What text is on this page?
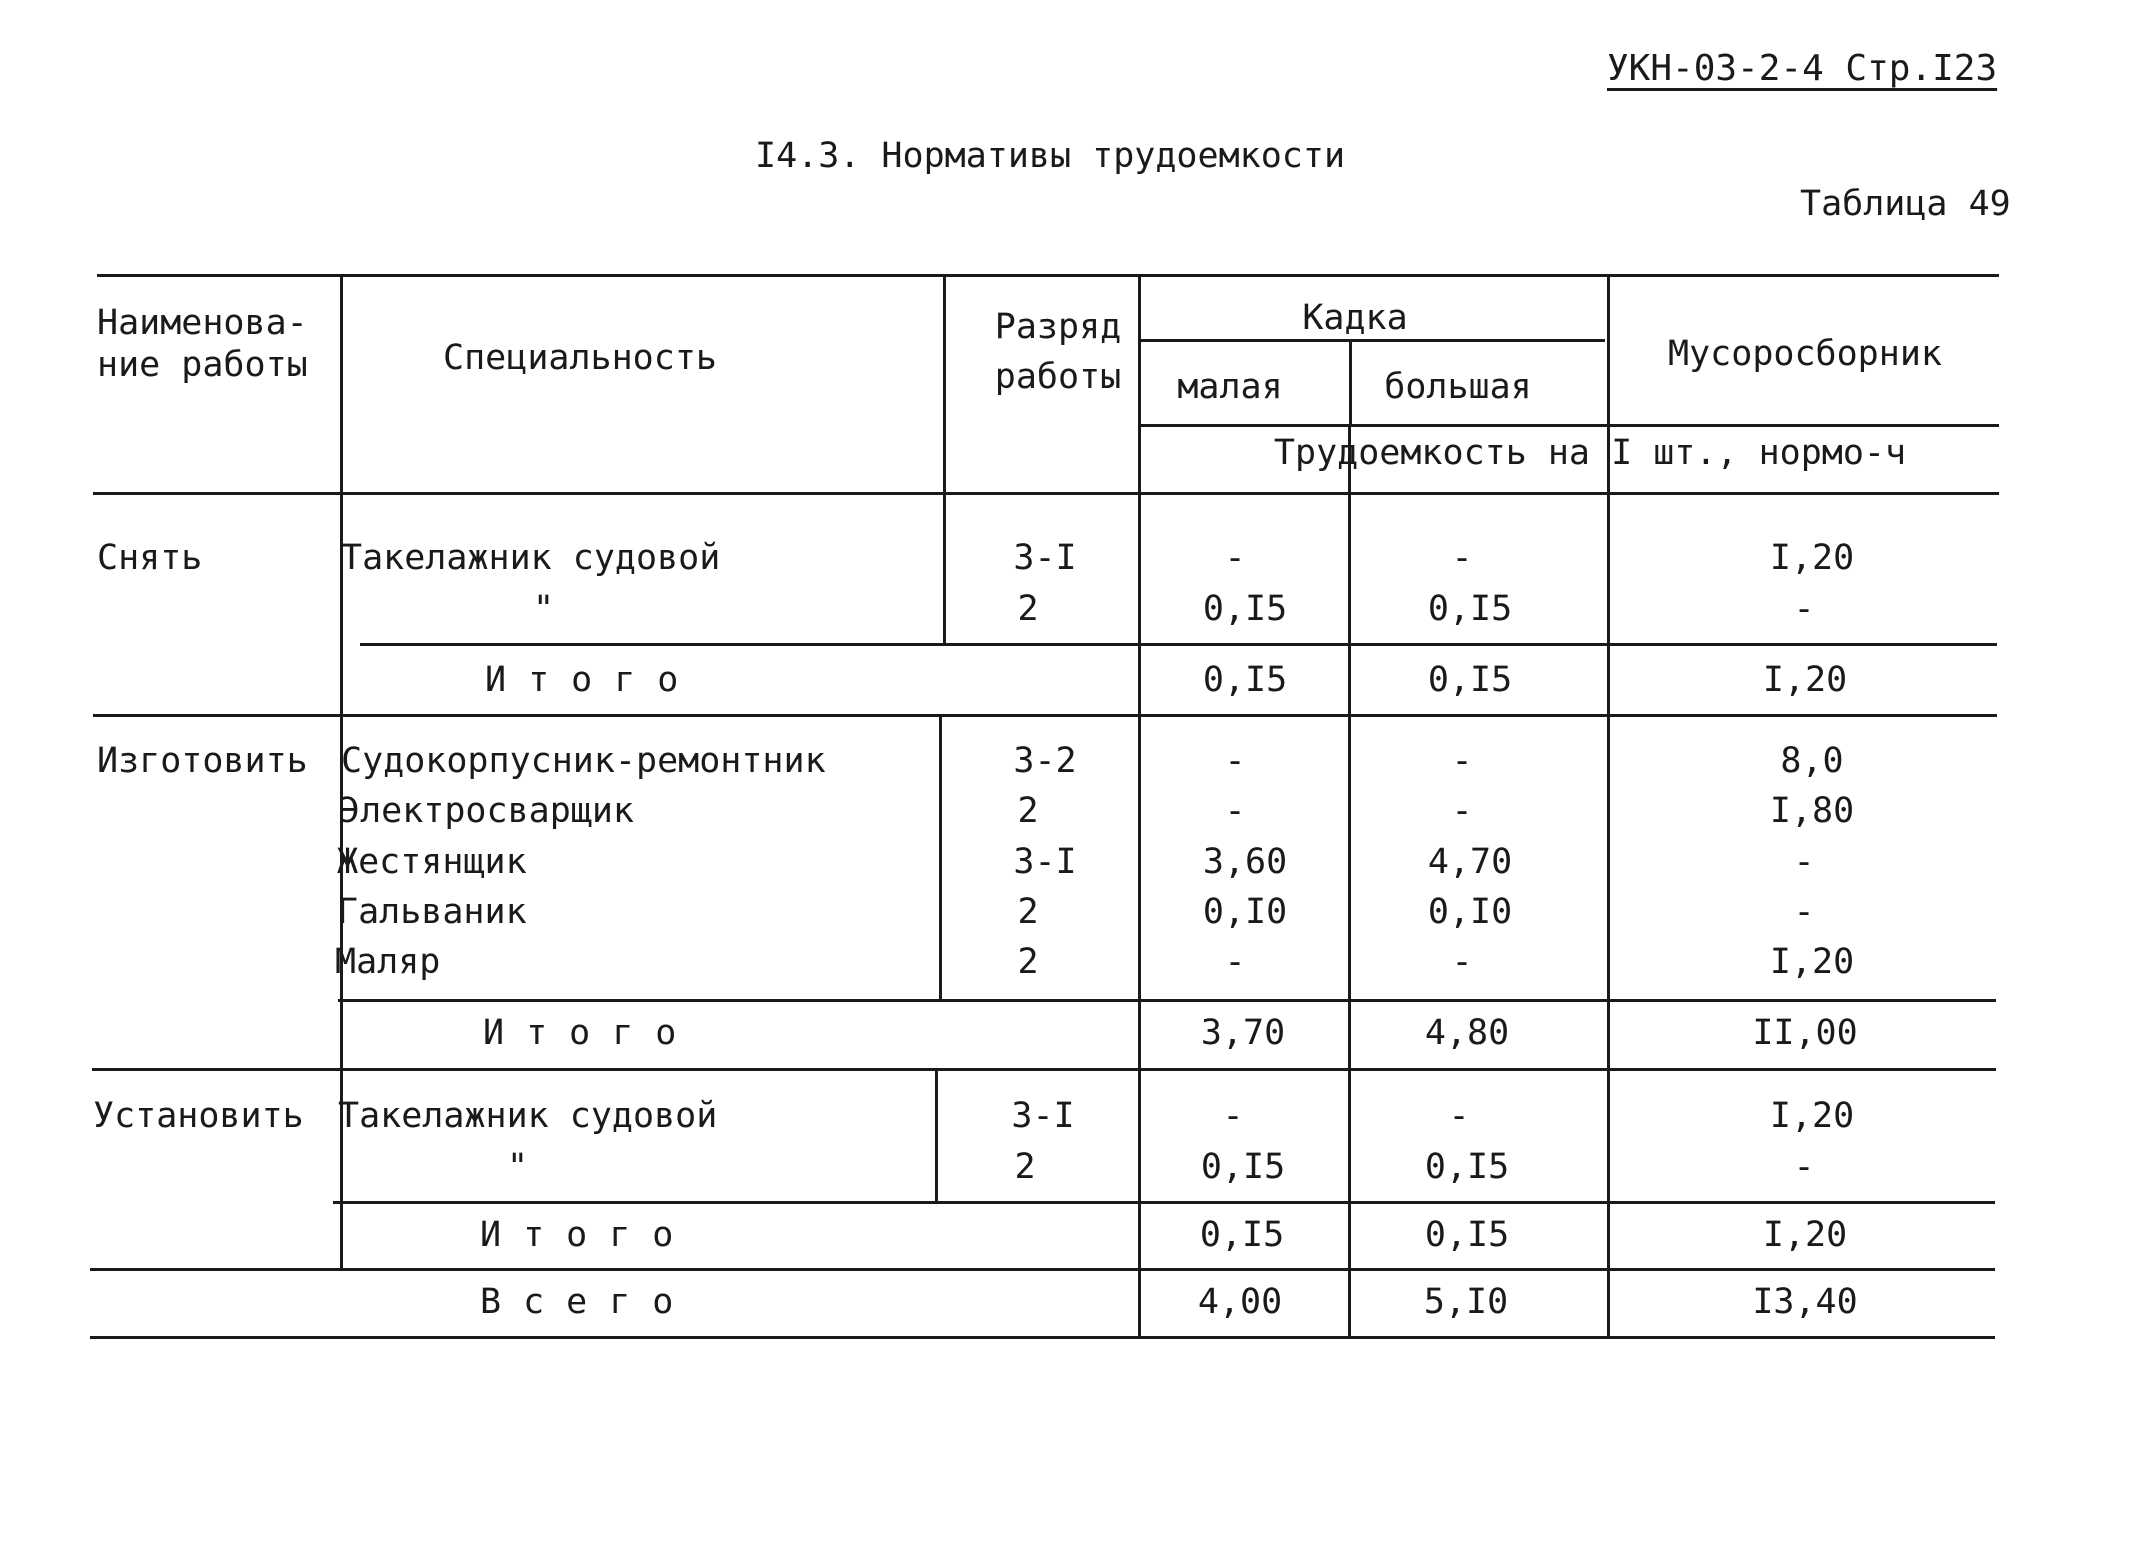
УКН-03-2-4 Стр.I23
I4.3. Нормативы трудоемкости
Таблица 49
Наименова-
ние работы	Специальность
Разряд
работы
Кадка
малая	большая
Мусоросборник
Трудоемкость на I шт., нормо-ч
Снять	Такелажник судовой	3-I	-	-	I,20
"	2	0,I5	0,I5	-
Итого	0,I5	0,I5	I,20
Изготовить Судокорпусник-ремонтник	3-2	-	-	8,0
Электросварщик	2	-	-	I,80
Жестянщик	3-I	3,60	4,70	-
Гальваник	2	0,I0	0,I0	-
Маляр	2	-	-	I,20
Итого	3,70	4,80	II,00
Установить Такелажник судовой	3-I	-	-	I,20
"	2	0,I5	0,I5	-
Итого	0,I5	0,I5	I,20
Всего	4,00	5,I0	I3,40
